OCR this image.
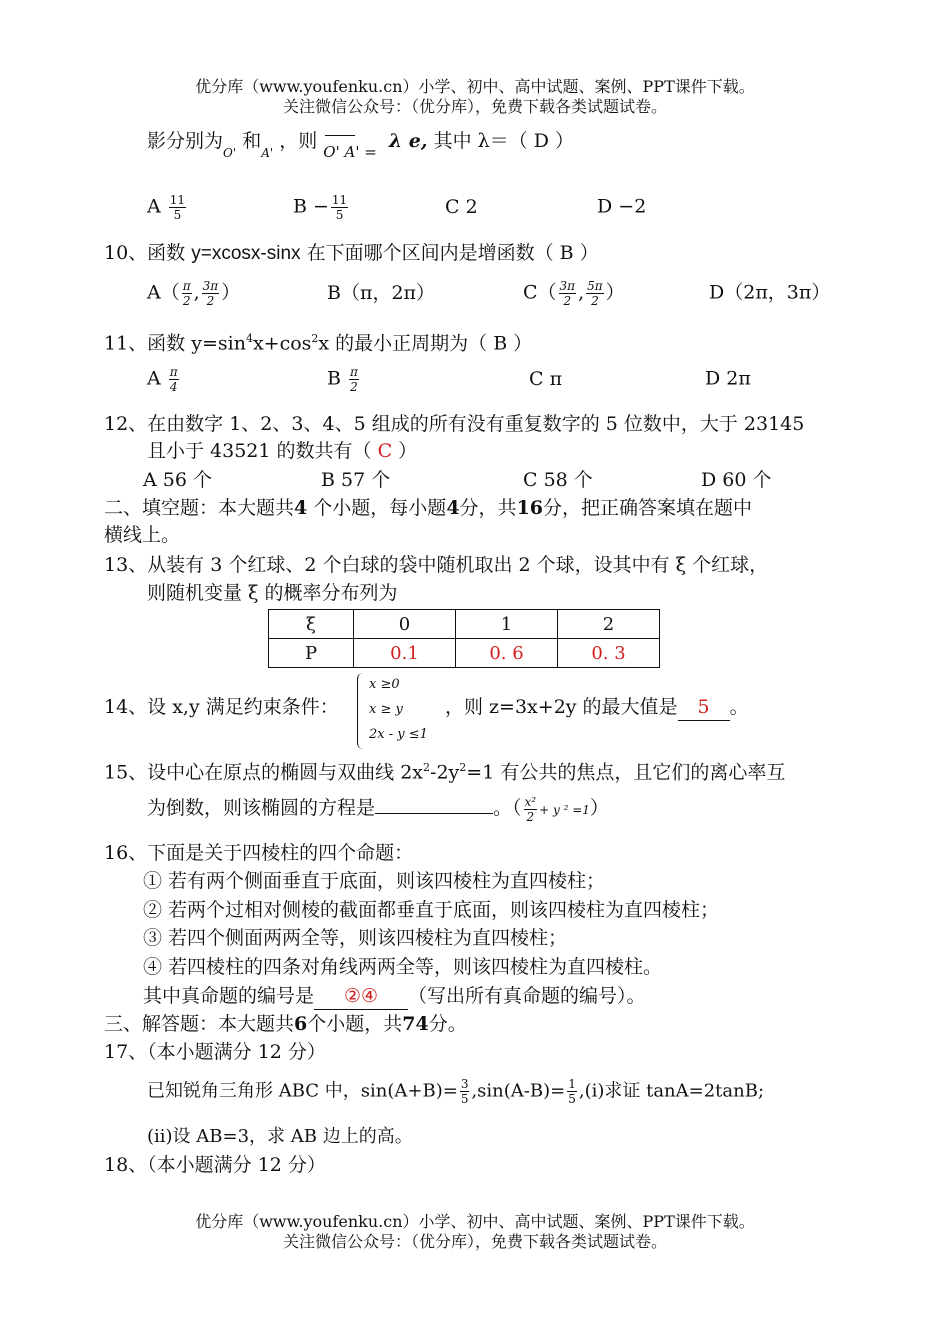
优分库（www.youfenku.cn）小学、初中、高中试题、案例、PPT课件下载。
关注微信公众号：（优分库），免费下载各类试题试卷。
影分别为$_{O'}$ 和$_{A'}$ ，则 O' A' = λ e, 其中 λ＝（ D ）
A $\frac{11}{5}$	$B - \frac{11}{5}$	C 2	D −2
10、函数 y=xcosx-sinx 在下面哪个区间内是增函数（ B ）
$A( \frac{\pi}{2}$ , $\frac{3\pi}{2}$ ）	B（π，2π）	$C( \frac{3\pi}{2}$ , $\frac{5\pi}{2}$ ）	D（2π，3π）
11、函数 $y=\sin^4x+\cos^2x$ 的最小正周期为（ B ）
A $\frac{\pi}{4}$	B $\frac{\pi}{2}$	C π	D 2π
12、在由数字 1、2、3、4、5 组成的所有没有重复数字的 5 位数中，大于 23145
且小于 43521 的数共有（ C ）
A 56 个	B 57 个	C 58 个	D 60 个
二、填空题：本大题共4 个小题，每小题4分，共16分，把正确答案填在题中
横线上。
13、从装有 3 个红球、2 个白球的袋中随机取出 2 个球，设其中有 ξ 个红球，
则随机变量 ξ 的概率分布列为
ξ	0	1	2
P	0.1	0. 6	0. 3
14、设 x,y 满足约束条件：
x ≥0
x ≥ y
2x - y ≤1
，则 z=3x+2y 的最大值是 5 。
15、设中心在原点的椭圆与双曲线 $2x^2-2y^2=1$ 有公共的焦点，且它们的离心率互
为倒数，则该椭圆的方程是	。（ $\frac{\text{x²}}{2} + y$ ² =1）
16、下面是关于四棱柱的四个命题：
① 若有两个侧面垂直于底面，则该四棱柱为直四棱柱；
② 若两个过相对侧棱的截面都垂直于底面，则该四棱柱为直四棱柱；
③ 若四个侧面两两全等，则该四棱柱为直四棱柱；
④ 若四棱柱的四条对角线两两全等，则该四棱柱为直四棱柱。
其中真命题的编号是 ②④ （写出所有真命题的编号）。
三、解答题：本大题共6个小题，共74分。
17、（本小题满分 12 分）
已知锐角三角形 ABC 中，$\sin(A+B)= \frac{3}{5} ,\sin(A-B)= \frac{1}{5} ,(i)$求证 tanA=2tanB;
(ii)设 AB=3，求 AB 边上的高。
18、（本小题满分 12 分）
优分库（www.youfenku.cn）小学、初中、高中试题、案例、PPT课件下载。
关注微信公众号：（优分库），免费下载各类试题试卷。
